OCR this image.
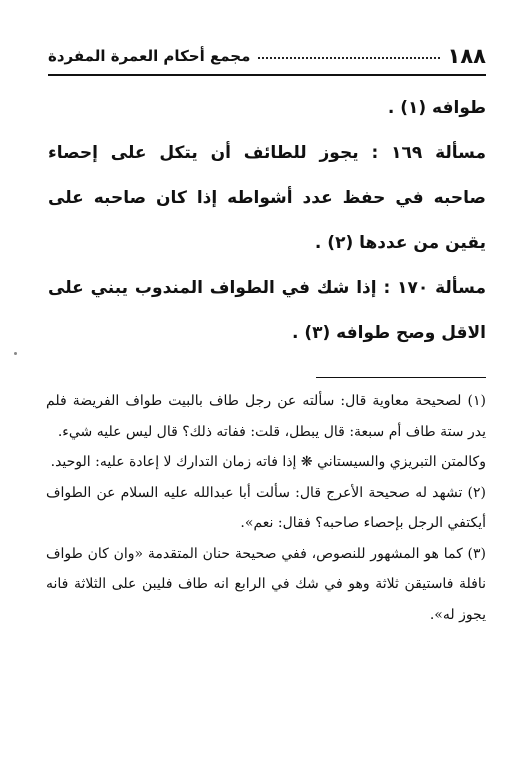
١٨٨
مجمع أحكام العمرة المفردة

طوافه (١) .

مسألة ١٦٩ : يجوز للطائف أن يتكل على إحصاء صاحبه في حفظ عدد أشواطه إذا كان صاحبه على يقين من عددها (٢) .

مسألة ١٧٠ : إذا شك في الطواف المندوب يبني على الاقل وصح طوافه (٣) .

(١) لصحيحة معاوية قال: سألته عن رجل طاف بالبيت طواف الفريضة فلم يدر ستة طاف أم سبعة: قال يبطل، قلت: ففاته ذلك؟ قال ليس عليه شيء.

وكالمتن التبريزي والسيستاني ❋ إذا فاته زمان التدارك لا إعادة عليه: الوحيد.

(٢) تشهد له صحيحة الأعرج قال: سألت أبا عبدالله عليه السلام عن الطواف أيكتفي الرجل بإحصاء صاحبه؟ فقال: نعم».

(٣) كما هو المشهور للنصوص، ففي صحيحة حنان المتقدمة «وان كان طواف نافلة فاستيقن ثلاثة وهو في شك في الرابع انه طاف فليبن على الثلاثة فانه يجوز له».
